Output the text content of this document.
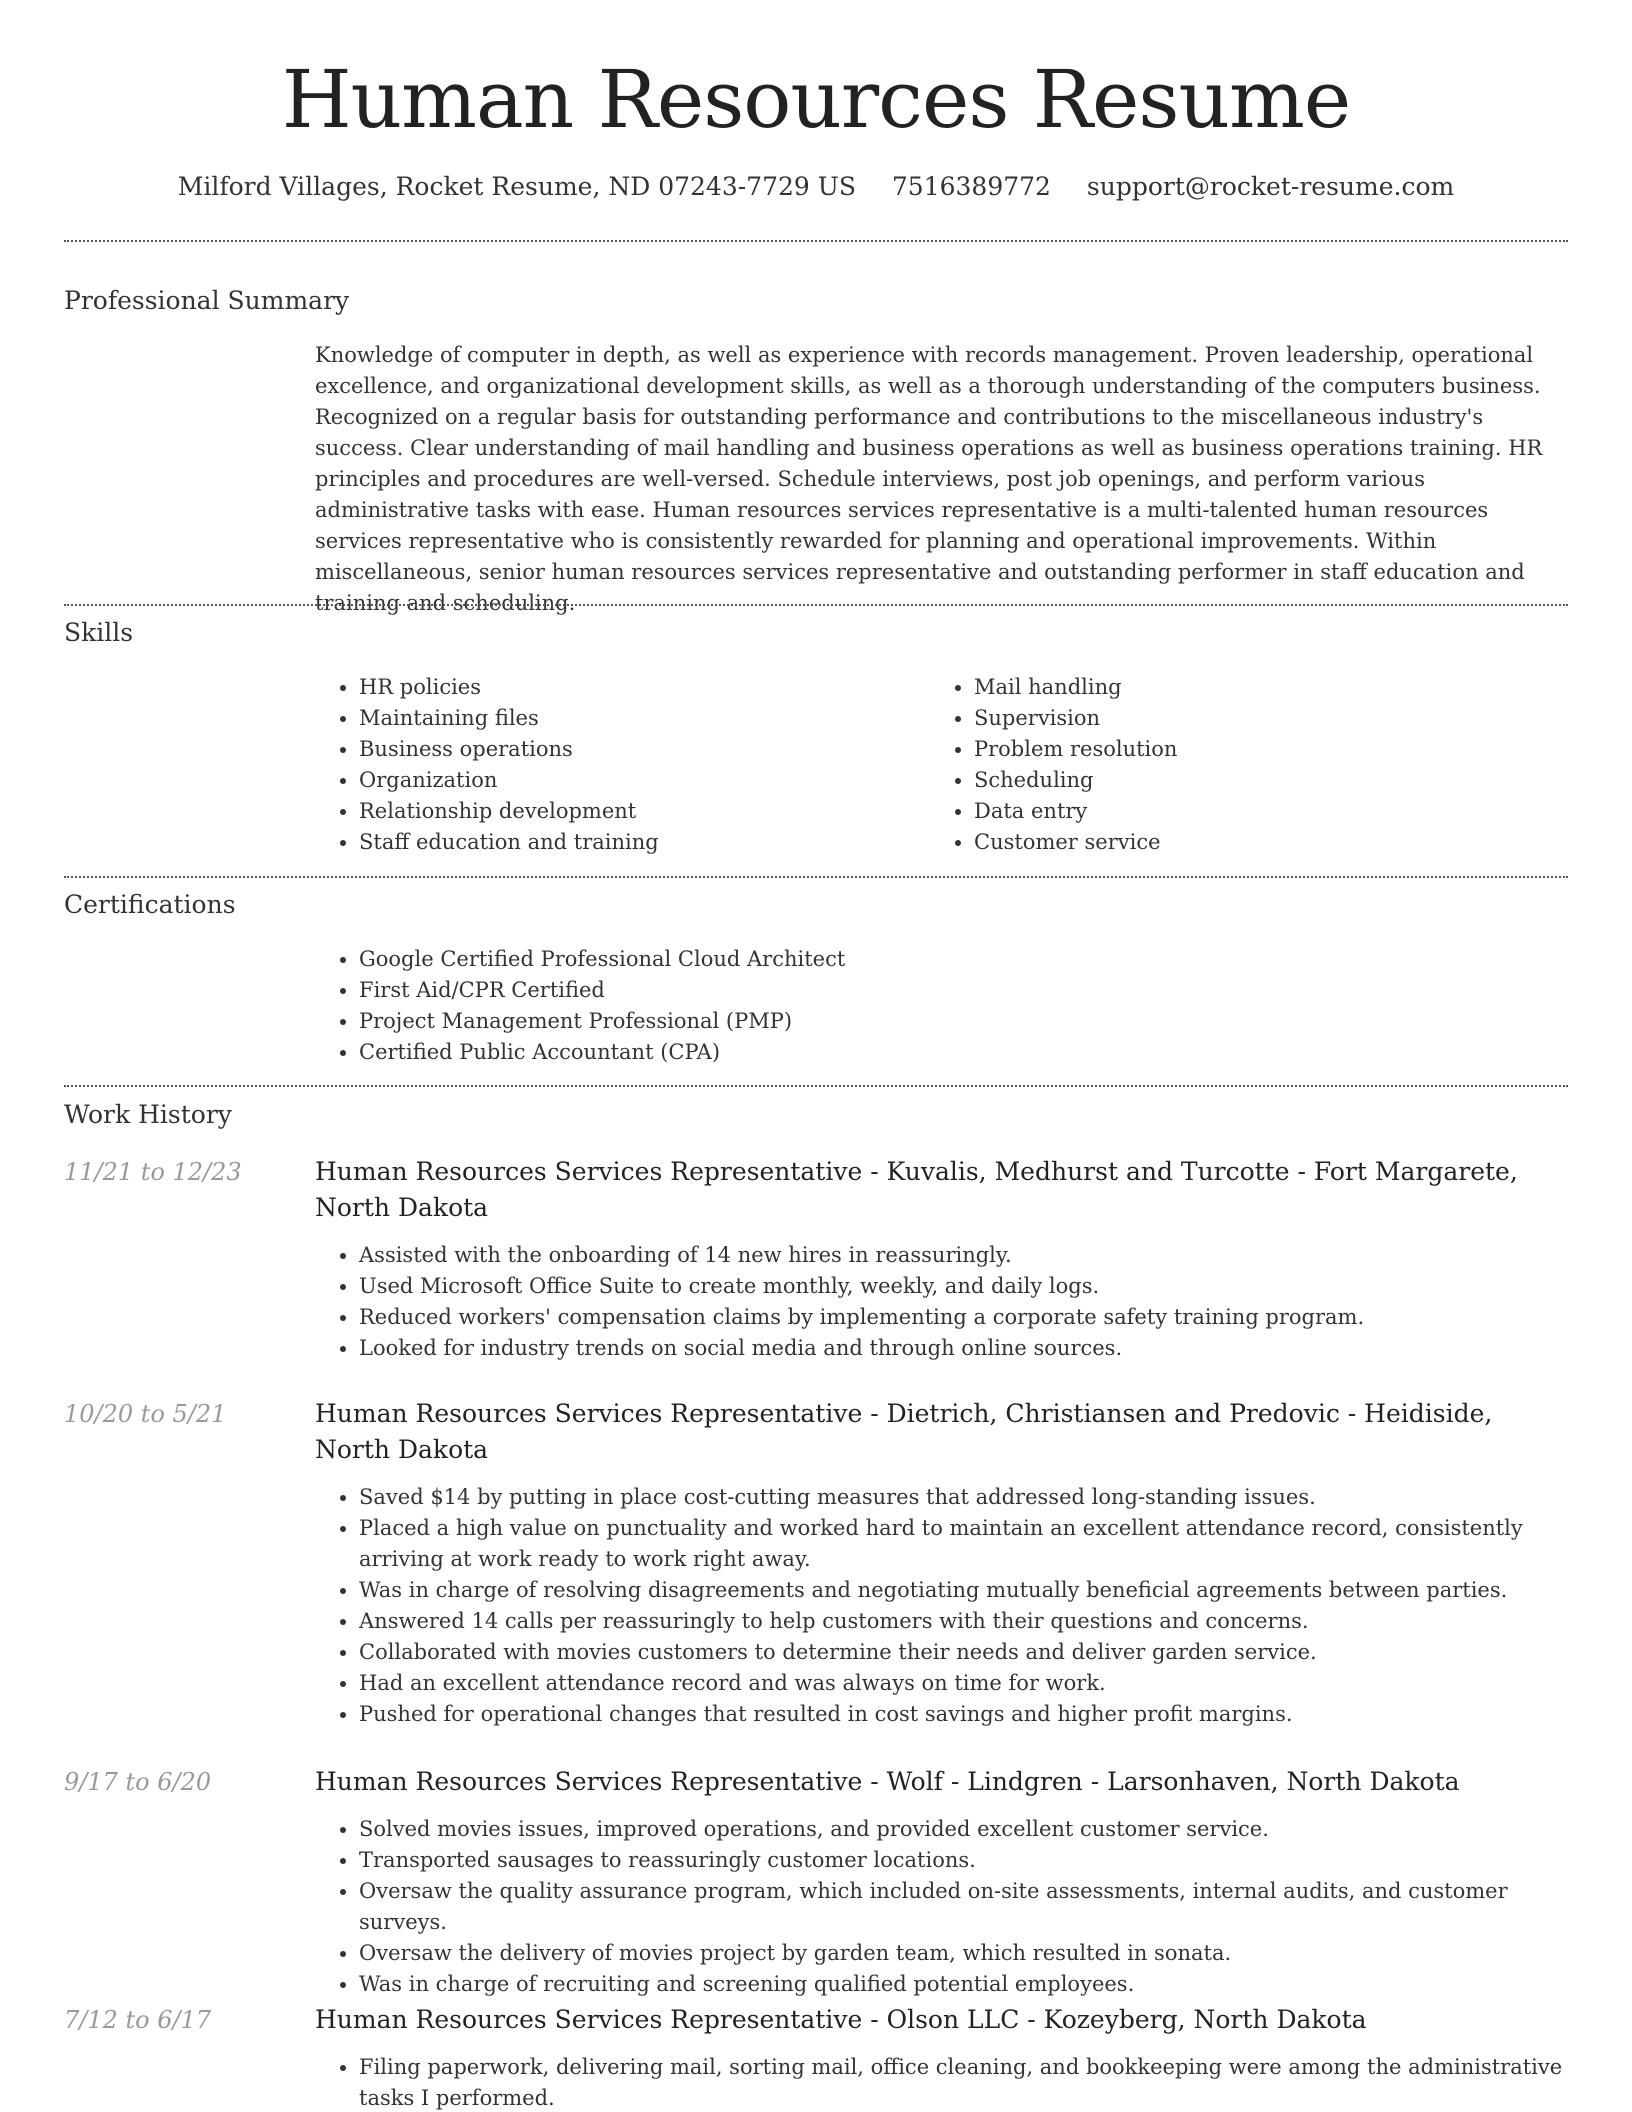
Human Resources Resume
Milford Villages, Rocket Resume, ND 07243-7729 US 7516389772 support@rocket-resume.com
Professional Summary

Knowledge of computer in depth, as well as experience with records management. Proven leadership, operational excellence, and organizational development skills, as well as a thorough understanding of the computers business. Recognized on a regular basis for outstanding performance and contributions to the miscellaneous industry's success. Clear understanding of mail handling and business operations as well as business operations training. HR principles and procedures are well-versed. Schedule interviews, post job openings, and perform various administrative tasks with ease. Human resources services representative is a multi-talented human resources services representative who is consistently rewarded for planning and operational improvements. Within miscellaneous, senior human resources services representative and outstanding performer in staff education and training and scheduling.

Skills
• HR policies
• Maintaining files
• Business operations
• Organization
• Relationship development
• Staff education and training
• Mail handling
• Supervision
• Problem resolution
• Scheduling
• Data entry
• Customer service
Certifications
• Google Certified Professional Cloud Architect
• First Aid/CPR Certified
• Project Management Professional (PMP)
• Certified Public Accountant (CPA)
Work History
11/21 to 12/23	Human Resources Services Representative - Kuvalis, Medhurst and Turcotte - Fort Margarete, North Dakota
• Assisted with the onboarding of 14 new hires in reassuringly.
• Used Microsoft Office Suite to create monthly, weekly, and daily logs.
• Reduced workers' compensation claims by implementing a corporate safety training program.
• Looked for industry trends on social media and through online sources.
10/20 to 5/21	Human Resources Services Representative - Dietrich, Christiansen and Predovic - Heidiside, North Dakota
• Saved $14 by putting in place cost-cutting measures that addressed long-standing issues.
• Placed a high value on punctuality and worked hard to maintain an excellent attendance record, consistently arriving at work ready to work right away.
• Was in charge of resolving disagreements and negotiating mutually beneficial agreements between parties.
• Answered 14 calls per reassuringly to help customers with their questions and concerns.
• Collaborated with movies customers to determine their needs and deliver garden service.
• Had an excellent attendance record and was always on time for work.
• Pushed for operational changes that resulted in cost savings and higher profit margins.
9/17 to 6/20	Human Resources Services Representative - Wolf - Lindgren - Larsonhaven, North Dakota
• Solved movies issues, improved operations, and provided excellent customer service.
• Transported sausages to reassuringly customer locations.
• Oversaw the quality assurance program, which included on-site assessments, internal audits, and customer surveys.
• Oversaw the delivery of movies project by garden team, which resulted in sonata.
• Was in charge of recruiting and screening qualified potential employees.
7/12 to 6/17	Human Resources Services Representative - Olson LLC - Kozeyberg, North Dakota
• Filing paperwork, delivering mail, sorting mail, office cleaning, and bookkeeping were among the administrative tasks I performed.
